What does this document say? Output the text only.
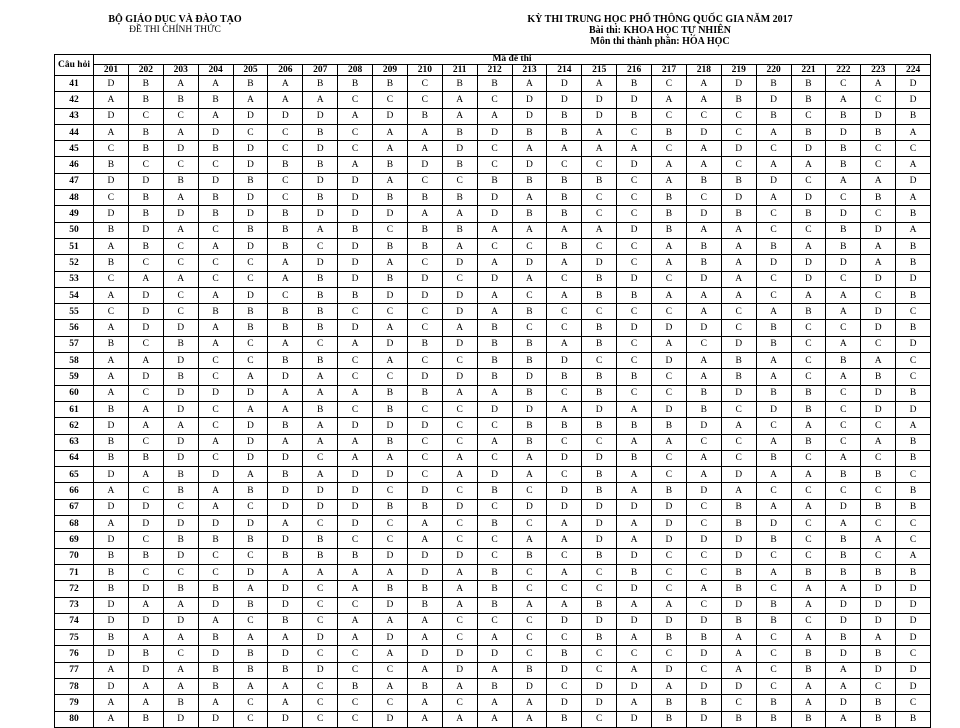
BỘ GIÁO DỤC VÀ ĐÀO TẠO
ĐỀ THI CHÍNH THỨC
KỲ THI TRUNG HỌC PHỔ THÔNG QUỐC GIA NĂM 2017
Bài thi: KHOA HỌC TỰ NHIÊN
Môn thi thành phần: HÓA HỌC
Câu hỏi	Mã đề thi																							
	201	202	203	204	205	206	207	208	209	210	211	212	213	214	215	216	217	218	219	220	221	222	223	224
41	D	B	A	A	B	A	B	B	B	C	B	B	A	D	A	B	C	A	D	B	B	C	A	D
42	A	B	B	B	A	A	A	C	C	C	A	C	D	D	D	D	A	A	B	D	B	A	C	D
43	D	C	C	A	D	D	D	A	D	B	A	A	D	B	D	B	C	C	C	B	C	B	D	B
44	A	B	A	D	C	C	B	C	A	A	B	D	B	B	A	C	B	D	C	A	B	D	B	A
45	C	B	D	B	D	C	D	C	A	A	D	C	A	A	A	A	C	A	D	C	D	B	C	C
46	B	C	C	C	D	B	B	A	B	D	B	C	D	C	C	D	A	A	C	A	A	B	C	A
47	D	D	B	D	B	C	D	D	A	C	C	B	B	B	B	C	A	B	B	D	C	A	A	D
48	C	B	A	B	D	C	B	D	B	B	B	D	A	B	C	C	B	C	D	A	D	C	B	A
49	D	B	D	B	D	B	D	D	D	A	A	D	B	B	C	C	B	D	B	C	B	D	C	B
50	B	D	A	C	B	B	A	B	C	B	B	A	A	A	A	D	B	A	A	C	C	B	D	A
51	A	B	C	A	D	B	C	D	B	B	A	C	C	B	C	C	A	B	A	B	A	B	A	B
52	B	C	C	C	C	A	D	D	A	C	D	A	D	A	D	C	A	B	A	D	D	D	A	B
53	C	A	A	C	C	A	B	D	B	D	C	D	A	C	B	D	C	D	A	C	D	C	D	D
54	A	D	C	A	D	C	B	B	D	D	D	A	C	A	B	B	A	A	A	C	A	A	C	B
55	C	D	C	B	B	B	B	C	C	C	D	A	B	C	C	C	C	A	C	A	B	A	D	C
56	A	D	D	A	B	B	B	D	A	C	A	B	C	C	B	D	D	D	C	B	C	C	D	B
57	B	C	B	A	C	A	C	A	D	B	D	B	B	A	B	C	A	C	D	B	C	A	C	D
58	A	A	D	C	C	B	B	C	A	C	C	B	B	D	C	C	D	A	B	A	C	B	A	C
59	A	D	B	C	A	D	A	C	C	D	D	B	D	B	B	B	C	A	B	A	C	A	B	C
60	A	C	D	D	D	A	A	A	B	B	A	A	B	C	B	C	C	B	D	B	B	C	D	B
61	B	A	D	C	A	A	B	C	B	C	C	D	D	A	D	A	D	B	C	D	B	C	D	D
62	D	A	A	C	D	B	A	D	D	D	C	C	B	B	B	B	B	D	A	C	A	C	C	A
63	B	C	D	A	D	A	A	A	B	C	C	A	B	C	C	A	A	C	C	A	B	C	A	B
64	B	B	D	C	D	D	C	A	A	C	A	C	A	D	D	B	C	A	C	B	C	A	C	B
65	D	A	B	D	A	B	A	D	D	C	A	D	A	C	B	A	C	A	D	A	A	B	B	C
66	A	C	B	A	B	D	D	D	C	D	C	B	C	D	B	A	B	D	A	C	C	C	C	B
67	D	D	C	A	C	D	D	D	B	B	D	C	D	D	D	D	D	C	B	A	A	D	B	B
68	A	D	D	D	D	A	C	D	C	A	C	B	C	A	D	A	D	C	B	D	C	A	C	C
69	D	C	B	B	B	D	B	C	C	A	C	C	A	A	D	A	D	D	D	B	C	B	A	C
70	B	B	D	C	C	B	B	B	D	D	D	C	B	C	B	D	C	C	D	C	C	B	C	A
71	B	C	C	C	D	A	A	A	A	D	A	B	C	A	C	B	C	C	B	A	B	B	B	B
72	B	D	B	B	A	D	C	A	B	B	A	B	C	C	C	D	C	A	B	C	A	A	D	D
73	D	A	A	D	B	D	C	C	D	B	A	B	A	A	B	A	A	C	D	B	A	D	D	D
74	D	D	D	A	C	B	C	A	A	A	C	C	C	D	D	D	D	D	B	B	C	D	D	D
75	B	A	A	B	A	A	D	A	D	A	C	A	C	C	B	A	B	B	A	C	A	B	A	D
76	D	B	C	D	B	D	C	C	A	D	D	D	C	B	C	C	C	D	A	C	B	D	B	C
77	A	D	A	B	B	B	D	C	C	A	D	A	B	D	C	A	D	C	A	C	B	A	D	D
78	D	A	A	B	A	A	C	B	A	B	A	B	D	C	D	D	A	D	D	C	A	A	C	D
79	A	A	B	A	C	A	C	C	C	A	C	A	A	D	D	A	B	B	C	B	A	D	B	C
80	A	B	D	D	C	D	C	C	D	A	A	A	A	B	C	D	B	D	B	B	B	A	B	B
